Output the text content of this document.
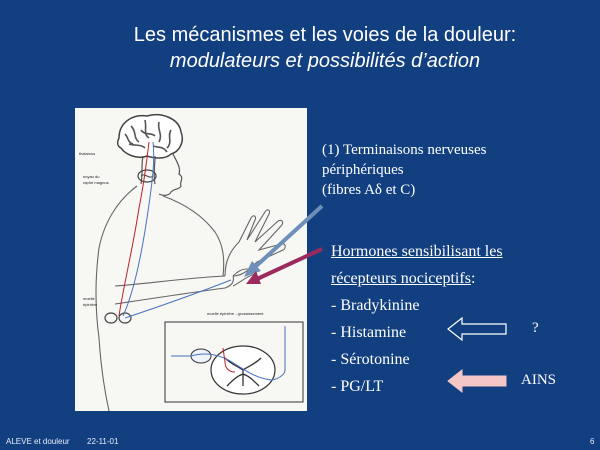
Les mécanismes et les voies de la douleur:
modulateurs et possibilités d’action
thalamus
noyau du
raphé magnus
moelle
épinière
moelle épinière - grossissement
(1) Terminaisons nerveuses
périphériques
(fibres Aδ et C)
Hormones sensibilisant les
récepteurs nociceptifs:
- Bradykinine
- Histamine
- Sérotonine
- PG/LT
?
AINS
ALEVE et douleur 22-11-01	6
